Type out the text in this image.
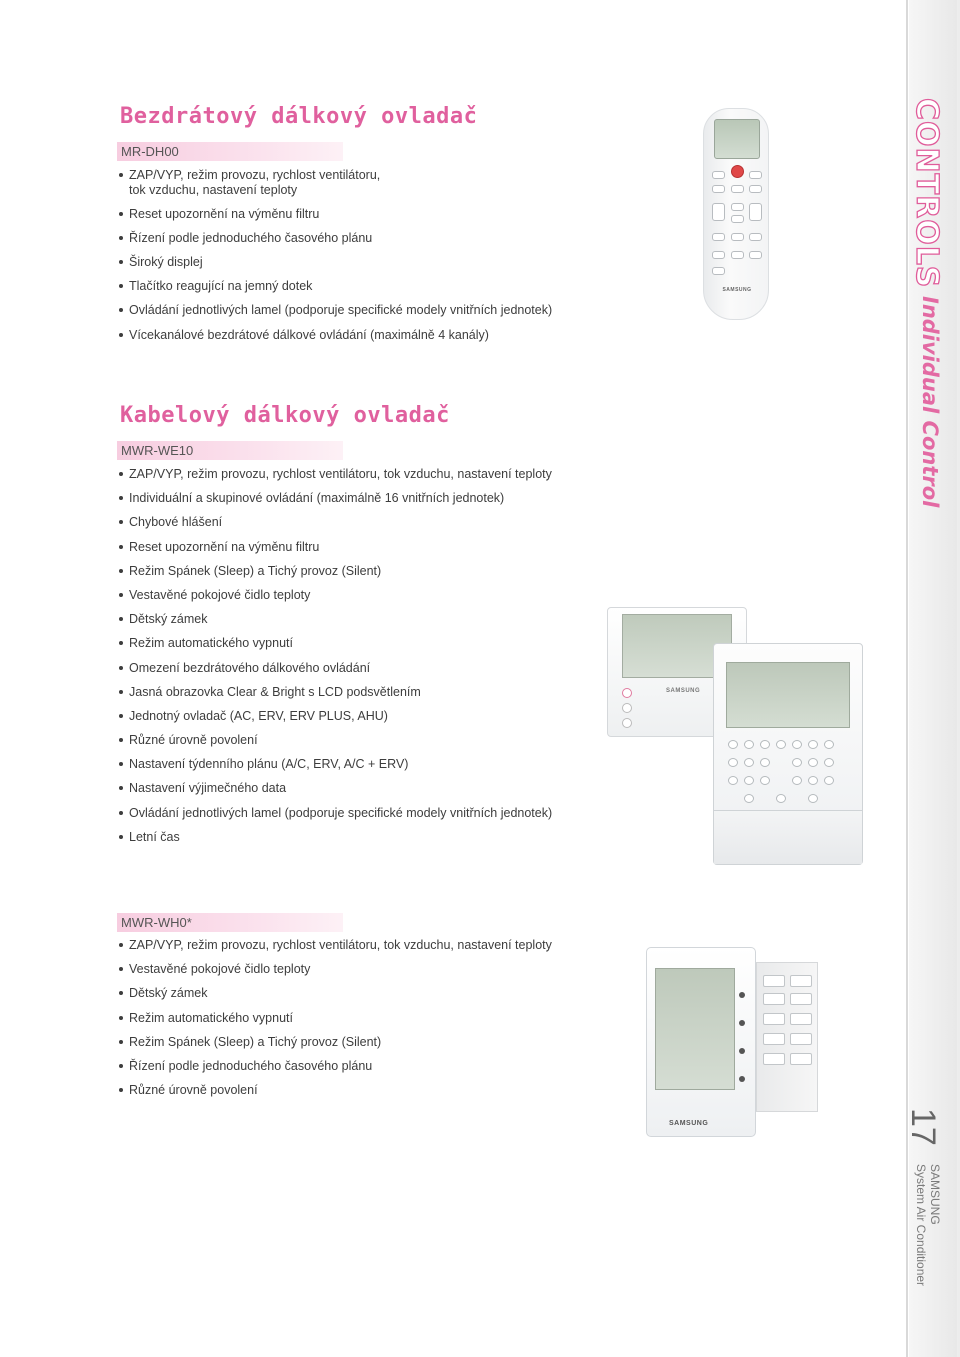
Bezdrátový dálkový ovladač
MR-DH00
ZAP/VYP, režim provozu, rychlost ventilátoru,
tok vzduchu, nastavení teploty
Reset upozornění na výměnu filtru
Řízení podle jednoduchého časového plánu
Široký displej
Tlačítko reagující na jemný dotek
Ovládání jednotlivých lamel (podporuje specifické modely vnitřních jednotek)
Vícekanálové bezdrátové dálkové ovládání (maximálně 4 kanály)
Kabelový dálkový ovladač
MWR-WE10
ZAP/VYP, režim provozu, rychlost ventilátoru, tok vzduchu, nastavení teploty
Individuální a skupinové ovládání (maximálně 16 vnitřních jednotek)
Chybové hlášení
Reset upozornění na výměnu filtru
Režim Spánek (Sleep) a Tichý provoz (Silent)
Vestavěné pokojové čidlo teploty
Dětský zámek
Režim automatického vypnutí
Omezení bezdrátového dálkového ovládání
Jasná obrazovka Clear & Bright s LCD podsvětlením
Jednotný ovladač (AC, ERV, ERV PLUS, AHU)
Různé úrovně povolení
Nastavení týdenního plánu (A/C, ERV, A/C + ERV)
Nastavení výjimečného data
Ovládání jednotlivých lamel (podporuje specifické modely vnitřních jednotek)
Letní čas
MWR-WH0*
ZAP/VYP, režim provozu, rychlost ventilátoru, tok vzduchu, nastavení teploty
Vestavěné pokojové čidlo teploty
Dětský zámek
Režim automatického vypnutí
Režim Spánek (Sleep) a Tichý provoz (Silent)
Řízení podle jednoduchého časového plánu
Různé úrovně povolení
SAMSUNG
SAMSUNG
SAMSUNG
CONTROLS
Individual Control
17
SAMSUNG
System Air Conditioner
